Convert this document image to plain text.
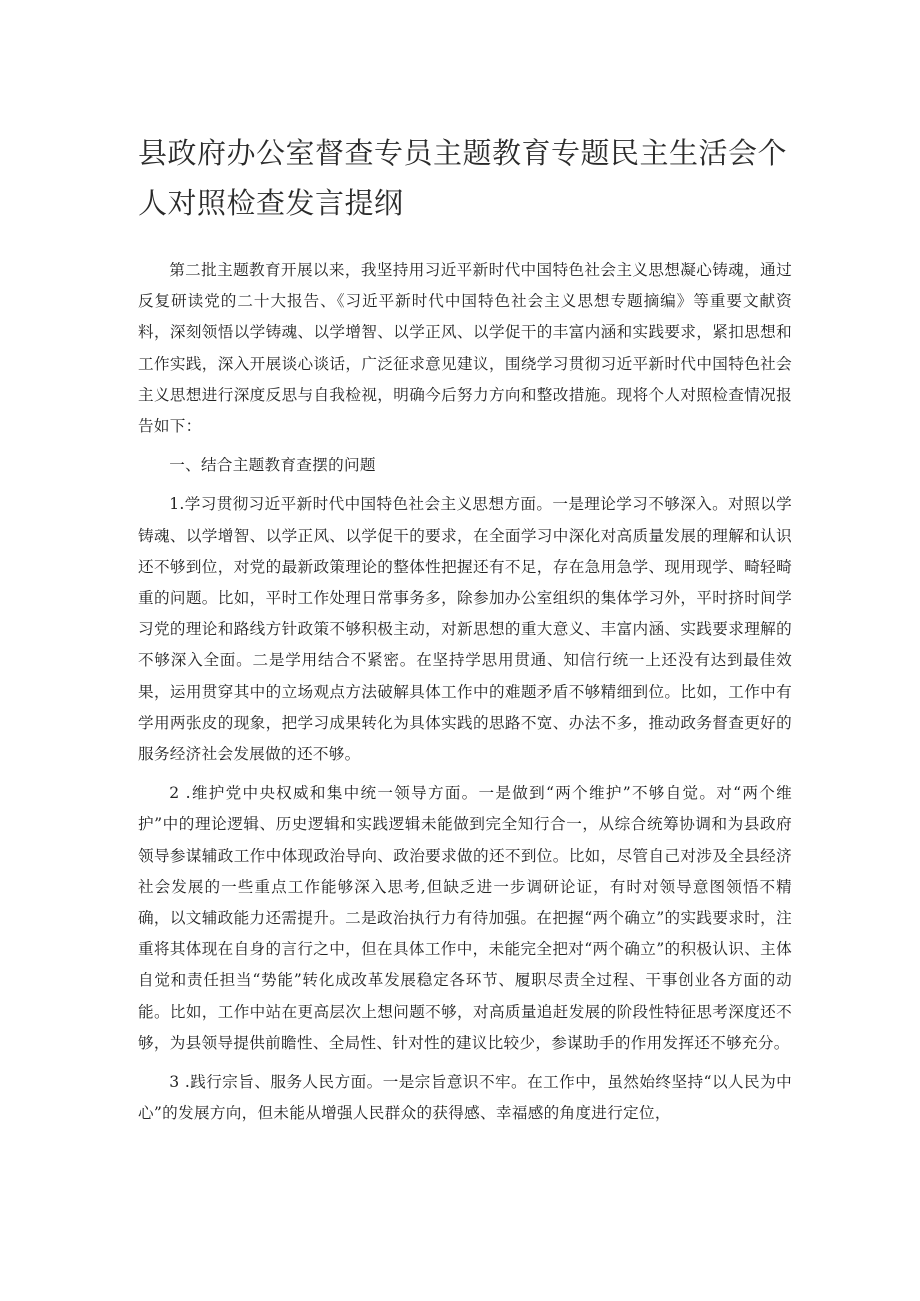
县政府办公室督查专员主题教育专题民主生活会个人对照检查发言提纲

第二批主题教育开展以来，我坚持用习近平新时代中国特色社会主义思想凝心铸魂，通过反复研读党的二十大报告、《习近平新时代中国特色社会主义思想专题摘编》等重要文献资料，深刻领悟以学铸魂、以学增智、以学正风、以学促干的丰富内涵和实践要求，紧扣思想和工作实践，深入开展谈心谈话，广泛征求意见建议，围绕学习贯彻习近平新时代中国特色社会主义思想进行深度反思与自我检视，明确今后努力方向和整改措施。现将个人对照检查情况报告如下：

一、结合主题教育查摆的问题

1.学习贯彻习近平新时代中国特色社会主义思想方面。一是理论学习不够深入。对照以学铸魂、以学增智、以学正风、以学促干的要求，在全面学习中深化对高质量发展的理解和认识还不够到位，对党的最新政策理论的整体性把握还有不足，存在急用急学、现用现学、畸轻畸重的问题。比如，平时工作处理日常事务多，除参加办公室组织的集体学习外，平时挤时间学习党的理论和路线方针政策不够积极主动，对新思想的重大意义、丰富内涵、实践要求理解的不够深入全面。二是学用结合不紧密。在坚持学思用贯通、知信行统一上还没有达到最佳效果，运用贯穿其中的立场观点方法破解具体工作中的难题矛盾不够精细到位。比如，工作中有学用两张皮的现象，把学习成果转化为具体实践的思路不宽、办法不多，推动政务督查更好的服务经济社会发展做的还不够。

2 .维护党中央权威和集中统一领导方面。一是做到“两个维护”不够自觉。对“两个维护”中的理论逻辑、历史逻辑和实践逻辑未能做到完全知行合一，从综合统筹协调和为县政府领导参谋辅政工作中体现政治导向、政治要求做的还不到位。比如，尽管自己对涉及全县经济社会发展的一些重点工作能够深入思考,但缺乏进一步调研论证，有时对领导意图领悟不精确，以文辅政能力还需提升。二是政治执行力有待加强。在把握“两个确立”的实践要求时，注重将其体现在自身的言行之中，但在具体工作中，未能完全把对“两个确立”的积极认识、主体自觉和责任担当“势能”转化成改革发展稳定各环节、履职尽责全过程、干事创业各方面的动能。比如，工作中站在更高层次上想问题不够，对高质量追赶发展的阶段性特征思考深度还不够，为县领导提供前瞻性、全局性、针对性的建议比较少，参谋助手的作用发挥还不够充分。

3 .践行宗旨、服务人民方面。一是宗旨意识不牢。在工作中，虽然始终坚持“以人民为中心”的发展方向，但未能从增强人民群众的获得感、幸福感的角度进行定位，
